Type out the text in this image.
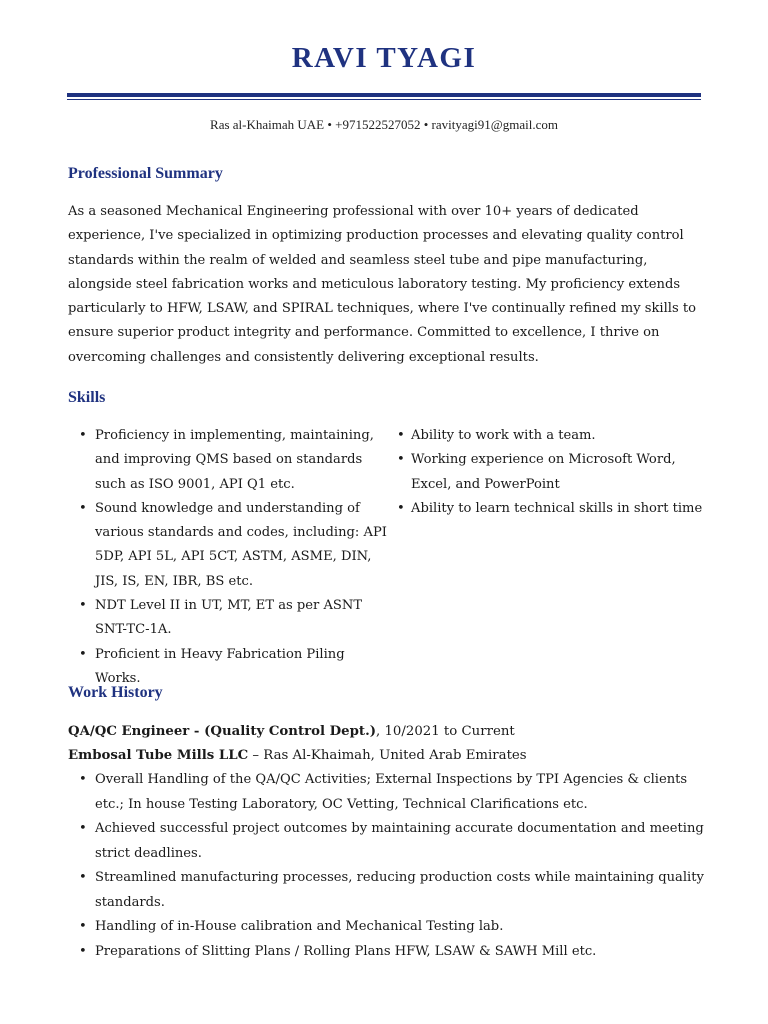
RAVI TYAGI
Ras al-Khaimah UAE • +971522527052 • ravityagi91@gmail.com
Professional Summary

As a seasoned Mechanical Engineering professional with over 10+ years of dedicated experience, I've specialized in optimizing production processes and elevating quality control standards within the realm of welded and seamless steel tube and pipe manufacturing, alongside steel fabrication works and meticulous laboratory testing. My proficiency extends particularly to HFW, LSAW, and SPIRAL techniques, where I've continually refined my skills to ensure superior product integrity and performance. Committed to excellence, I thrive on overcoming challenges and consistently delivering exceptional results.

Skills
• Proficiency in implementing, maintaining, and improving QMS based on standards such as ISO 9001, API Q1 etc.
• Sound knowledge and understanding of various standards and codes, including: API 5DP, API 5L, API 5CT, ASTM, ASME, DIN, JIS, IS, EN, IBR, BS etc.
• NDT Level II in UT, MT, ET as per ASNT SNT-TC-1A.
• Proficient in Heavy Fabrication Piling Works.
• Ability to work with a team.
• Working experience on Microsoft Word, Excel, and PowerPoint
• Ability to learn technical skills in short time
Work History
QA/QC Engineer - (Quality Control Dept.), 10/2021 to Current
Embosal Tube Mills LLC – Ras Al-Khaimah, United Arab Emirates
• Overall Handling of the QA/QC Activities; External Inspections by TPI Agencies & clients etc.; In house Testing Laboratory, OC Vetting, Technical Clarifications etc.
• Achieved successful project outcomes by maintaining accurate documentation and meeting strict deadlines.
• Streamlined manufacturing processes, reducing production costs while maintaining quality standards.
• Handling of in-House calibration and Mechanical Testing lab.
• Preparations of Slitting Plans / Rolling Plans HFW, LSAW & SAWH Mill etc.
